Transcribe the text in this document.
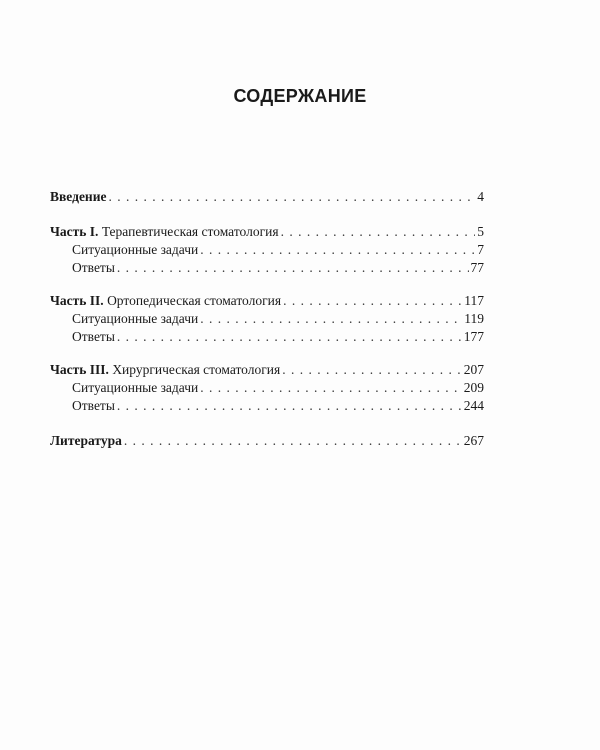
СОДЕРЖАНИЕ
Введение . . .	4
Часть I. Терапевтическая стоматология . . .	5
Ситуационные задачи . . .	7
Ответы . . .	77
Часть II. Ортопедическая стоматология . . .	117
Ситуационные задачи . . .	119
Ответы . . .	177
Часть III. Хирургическая стоматология . . .	207
Ситуационные задачи . . .	209
Ответы . . .	244
Литература . . .	267
